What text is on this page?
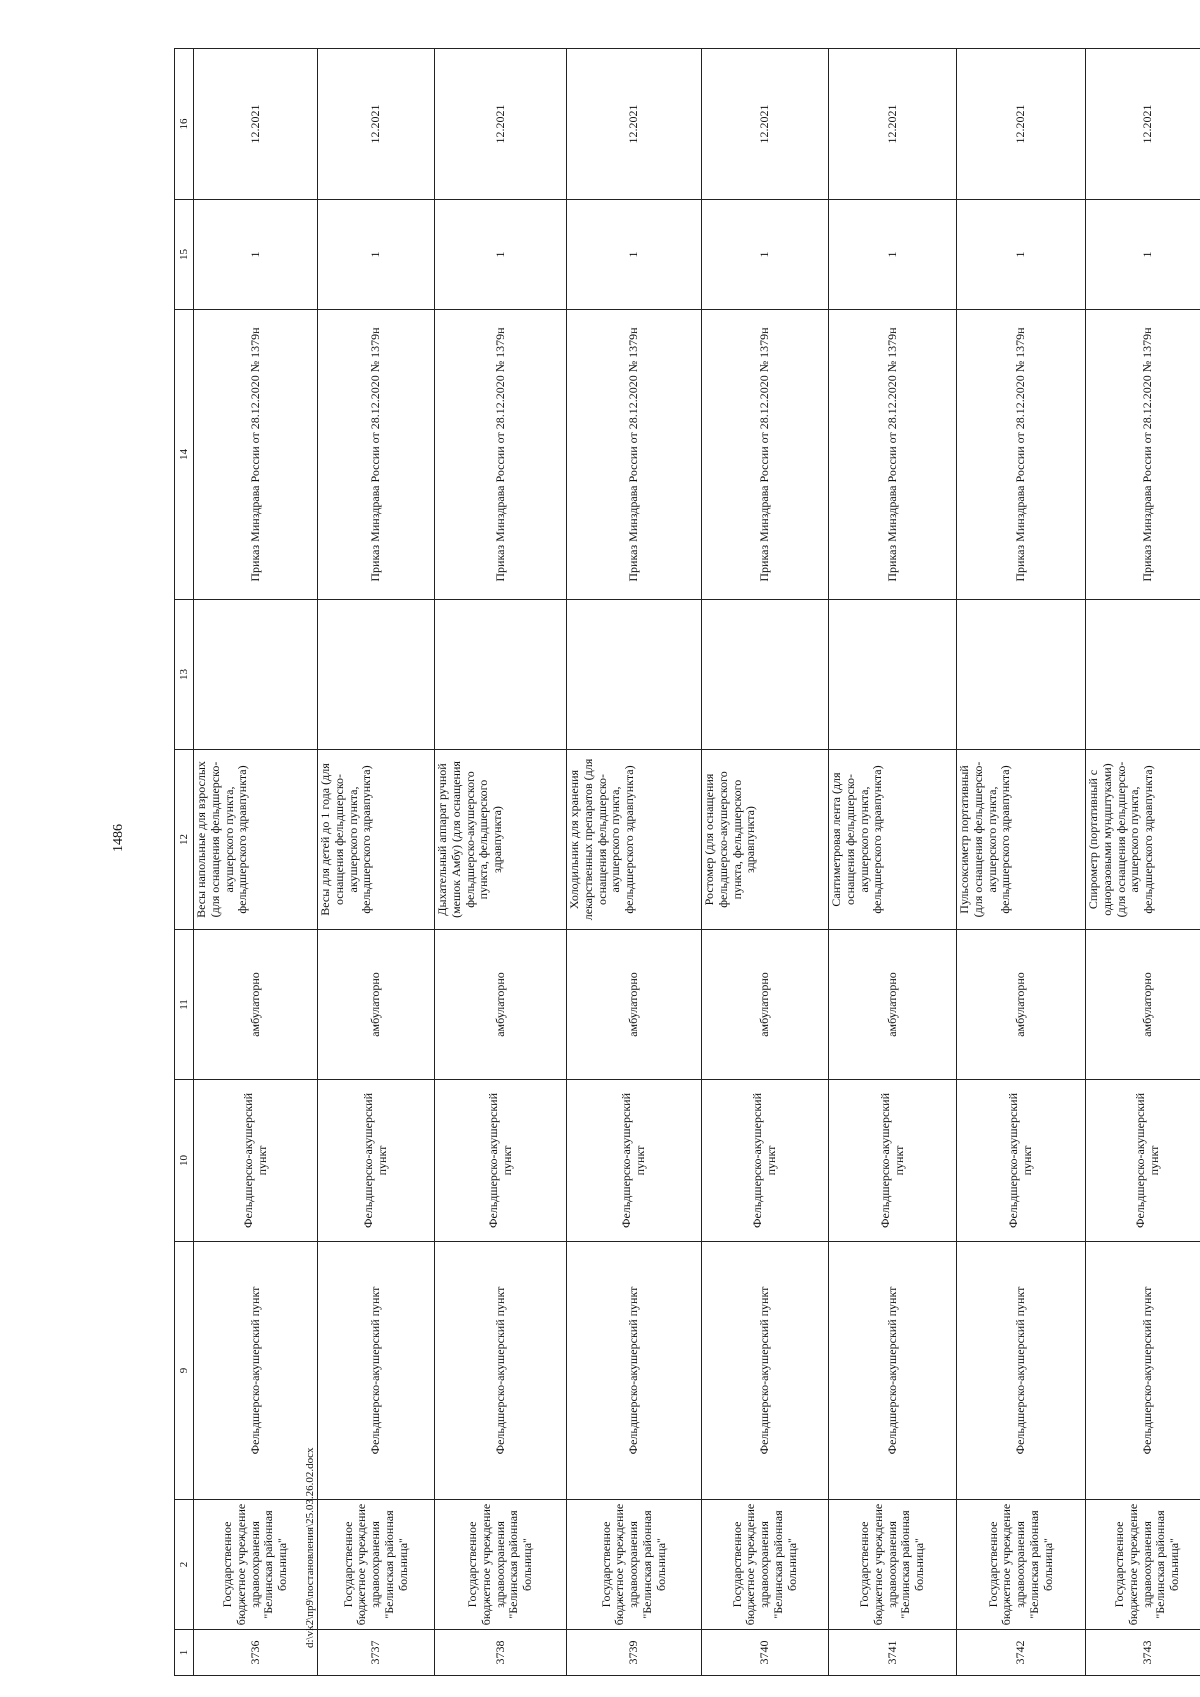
1486
1	2	9	10	11	12	13	14	15	16
3736	Государственное бюджетное учреждение здравоохранения "Белинская районная больница"	Фельдшерско-акушерский пункт	Фельдшерско-акушерский пункт	амбулаторно	Весы напольные для взрослых (для оснащения фельдшерско-акушерского пункта, фельдшерского здравпункта)		Приказ Минздрава России от 28.12.2020 № 1379н	1	12.2021
3737	Государственное бюджетное учреждение здравоохранения "Белинская районная больница"	Фельдшерско-акушерский пункт	Фельдшерско-акушерский пункт	амбулаторно	Весы для детей до 1 года (для оснащения фельдшерско-акушерского пункта, фельдшерского здравпункта)		Приказ Минздрава России от 28.12.2020 № 1379н	1	12.2021
3738	Государственное бюджетное учреждение здравоохранения "Белинская районная больница"	Фельдшерско-акушерский пункт	Фельдшерско-акушерский пункт	амбулаторно	Дыхательный аппарат ручной (мешок Амбу) (для оснащения фельдшерско-акушерского пункта, фельдшерского здравпункта)		Приказ Минздрава России от 28.12.2020 № 1379н	1	12.2021
3739	Государственное бюджетное учреждение здравоохранения "Белинская районная больница"	Фельдшерско-акушерский пункт	Фельдшерско-акушерский пункт	амбулаторно	Холодильник для хранения лекарственных препаратов (для оснащения фельдшерско-акушерского пункта, фельдшерского здравпункта)		Приказ Минздрава России от 28.12.2020 № 1379н	1	12.2021
3740	Государственное бюджетное учреждение здравоохранения "Белинская районная больница"	Фельдшерско-акушерский пункт	Фельдшерско-акушерский пункт	амбулаторно	Ростомер (для оснащения фельдшерско-акушерского пункта, фельдшерского здравпункта)		Приказ Минздрава России от 28.12.2020 № 1379н	1	12.2021
3741	Государственное бюджетное учреждение здравоохранения "Белинская районная больница"	Фельдшерско-акушерский пункт	Фельдшерско-акушерский пункт	амбулаторно	Сантиметровая лента (для оснащения фельдшерско-акушерского пункта, фельдшерского здравпункта)		Приказ Минздрава России от 28.12.2020 № 1379н	1	12.2021
3742	Государственное бюджетное учреждение здравоохранения "Белинская районная больница"	Фельдшерско-акушерский пункт	Фельдшерско-акушерский пункт	амбулаторно	Пульсоксиметр портативный (для оснащения фельдшерско-акушерского пункта, фельдшерского здравпункта)		Приказ Минздрава России от 28.12.2020 № 1379н	1	12.2021
3743	Государственное бюджетное учреждение здравоохранения "Белинская районная больница"	Фельдшерско-акушерский пункт	Фельдшерско-акушерский пункт	амбулаторно	Спирометр (портативный с одноразовыми мундштуками) (для оснащения фельдшерско-акушерского пункта, фельдшерского здравпункта)		Приказ Минздрава России от 28.12.2020 № 1379н	1	12.2021
d:\vk2\пр9\постановления\25.03.26.02.docx
